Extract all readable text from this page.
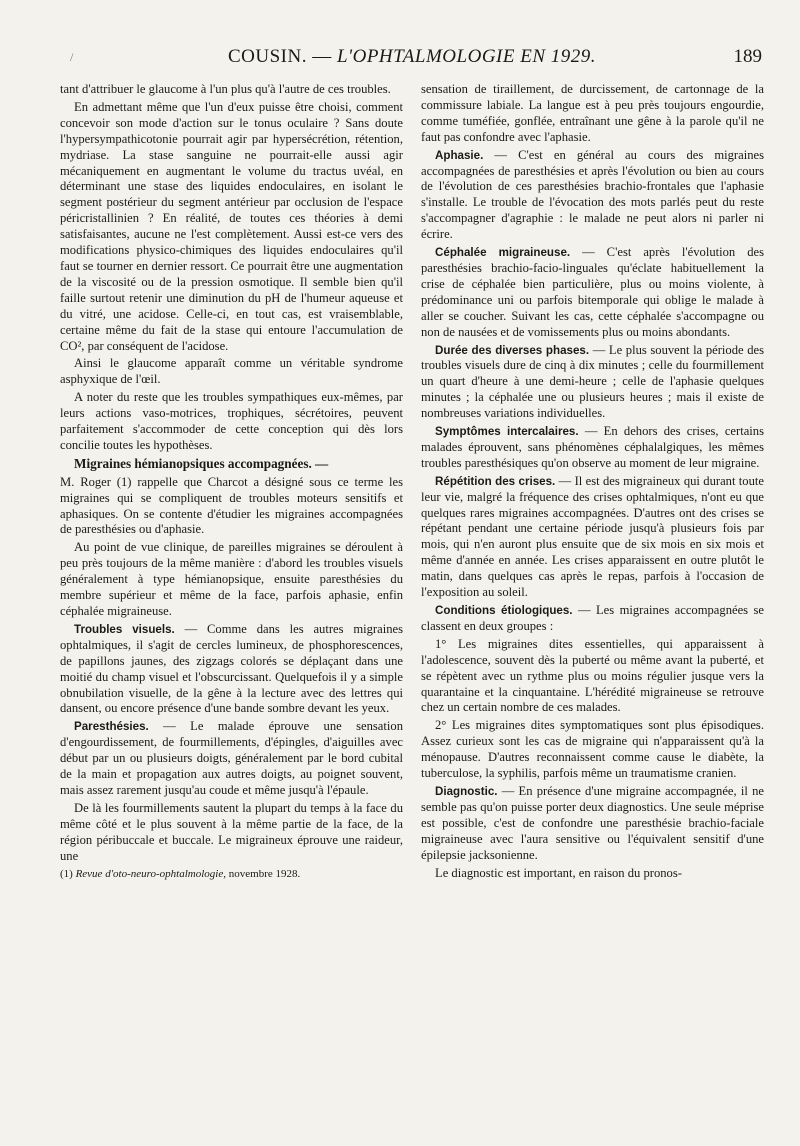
/	COUSIN. — L'OPHTALMOLOGIE EN 1929.	189

tant d'attribuer le glaucome à l'un plus qu'à l'autre de ces troubles.

En admettant même que l'un d'eux puisse être choisi, comment concevoir son mode d'action sur le tonus oculaire ? Sans doute l'hypersympathicotonie pourrait agir par hypersécrétion, rétention, mydriase. La stase sanguine ne pourrait-elle aussi agir mécaniquement en augmentant le volume du tractus uvéal, en déterminant une stase des liquides endoculaires, en isolant le segment postérieur du segment antérieur par occlusion de l'espace péricristallinien ? En réalité, de toutes ces théories à demi satisfaisantes, aucune ne l'est complètement. Aussi est-ce vers des modifications physico-chimiques des liquides endoculaires qu'il faut se tourner en dernier ressort. Ce pourrait être une augmentation de la viscosité ou de la pression osmotique. Il semble bien qu'il faille surtout retenir une diminution du pH de l'humeur aqueuse et du vitré, une acidose. Celle-ci, en tout cas, est vraisemblable, certaine même du fait de la stase qui entoure l'accumulation de CO², par conséquent de l'acidose.

Ainsi le glaucome apparaît comme un véritable syndrome asphyxique de l'œil.

A noter du reste que les troubles sympathiques eux-mêmes, par leurs actions vaso-motrices, trophiques, sécrétoires, peuvent parfaitement s'accommoder de cette conception qui dès lors concilie toutes les hypothèses.

Migraines hémianopsiques accompagnées. —

M. Roger (1) rappelle que Charcot a désigné sous ce terme les migraines qui se compliquent de troubles moteurs sensitifs et aphasiques. On se contente d'étudier les migraines accompagnées de paresthésies ou d'aphasie.

Au point de vue clinique, de pareilles migraines se déroulent à peu près toujours de la même manière : d'abord les troubles visuels généralement à type hémianopsique, ensuite paresthésies du membre supérieur et même de la face, parfois aphasie, enfin céphalée migraineuse.

Troubles visuels. — Comme dans les autres migraines ophtalmiques, il s'agit de cercles lumineux, de phosphorescences, de papillons jaunes, des zigzags colorés se déplaçant dans une moitié du champ visuel et l'obscurcissant. Quelquefois il y a simple obnubilation visuelle, de la gêne à la lecture avec des lettres qui dansent, ou encore présence d'une bande sombre devant les yeux.

Paresthésies. — Le malade éprouve une sensation d'engourdissement, de fourmillements, d'épingles, d'aiguilles avec début par un ou plusieurs doigts, généralement par le bord cubital de la main et propagation aux autres doigts, au poignet souvent, mais assez rarement jusqu'au coude et même jusqu'à l'épaule.

De là les fourmillements sautent la plupart du temps à la face du même côté et le plus souvent à la même partie de la face, de la région péribuccale et buccale. Le migraineux éprouve une raideur, une

(1) Revue d'oto-neuro-ophtalmologie, novembre 1928.

sensation de tiraillement, de durcissement, de cartonnage de la commissure labiale. La langue est à peu près toujours engourdie, comme tuméfiée, gonflée, entraînant une gêne à la parole qu'il ne faut pas confondre avec l'aphasie.

Aphasie. — C'est en général au cours des migraines accompagnées de paresthésies et après l'évolution ou bien au cours de l'évolution de ces paresthésies brachio-frontales que l'aphasie s'installe. Le trouble de l'évocation des mots parlés peut du reste s'accompagner d'agraphie : le malade ne peut alors ni parler ni écrire.

Céphalée migraineuse. — C'est après l'évolution des paresthésies brachio-facio-linguales qu'éclate habituellement la crise de céphalée bien particulière, plus ou moins violente, à prédominance uni ou parfois bitemporale qui oblige le malade à aller se coucher. Suivant les cas, cette céphalée s'accompagne ou non de nausées et de vomissements plus ou moins abondants.

Durée des diverses phases. — Le plus souvent la période des troubles visuels dure de cinq à dix minutes ; celle du fourmillement un quart d'heure à une demi-heure ; celle de l'aphasie quelques minutes ; la céphalée une ou plusieurs heures ; mais il existe de nombreuses variations individuelles.

Symptômes intercalaires. — En dehors des crises, certains malades éprouvent, sans phénomènes céphalalgiques, les mêmes troubles paresthésiques qu'on observe au moment de leur migraine.

Répétition des crises. — Il est des migraineux qui durant toute leur vie, malgré la fréquence des crises ophtalmiques, n'ont eu que quelques rares migraines accompagnées. D'autres ont des crises se répétant pendant une certaine période jusqu'à plusieurs fois par mois, qui n'en auront plus ensuite que de six mois en six mois et même d'année en année. Les crises apparaissent en outre plutôt le matin, dans quelques cas après le repas, parfois à l'occasion de l'exposition au soleil.

Conditions étiologiques. — Les migraines accompagnées se classent en deux groupes :

1° Les migraines dites essentielles, qui apparaissent à l'adolescence, souvent dès la puberté ou même avant la puberté, et se répètent avec un rythme plus ou moins régulier jusque vers la quarantaine et la cinquantaine. L'hérédité migraineuse se retrouve chez un certain nombre de ces malades.

2° Les migraines dites symptomatiques sont plus épisodiques. Assez curieux sont les cas de migraine qui n'apparaissent qu'à la ménopause. D'autres reconnaissent comme cause le diabète, la tuberculose, la syphilis, parfois même un traumatisme cranien.

Diagnostic. — En présence d'une migraine accompagnée, il ne semble pas qu'on puisse porter deux diagnostics. Une seule méprise est possible, c'est de confondre une paresthésie brachio-faciale migraineuse avec l'aura sensitive ou l'équivalent sensitif d'une épilepsie jacksonienne.

Le diagnostic est important, en raison du pronos-
